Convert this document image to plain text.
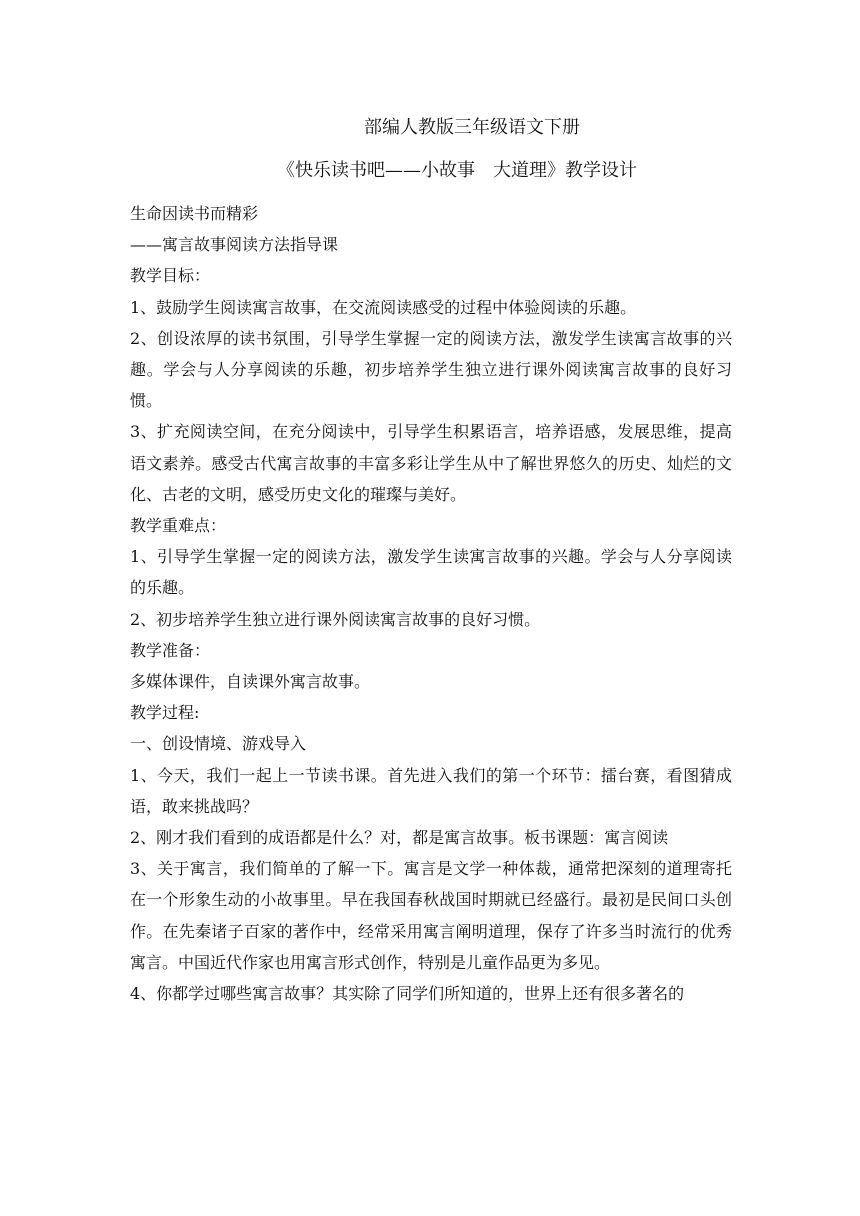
部编人教版三年级语文下册
《快乐读书吧——小故事　大道理》教学设计

生命因读书而精彩

——寓言故事阅读方法指导课

教学目标：

1、鼓励学生阅读寓言故事，在交流阅读感受的过程中体验阅读的乐趣。

2、创设浓厚的读书氛围，引导学生掌握一定的阅读方法，激发学生读寓言故事的兴趣。学会与人分享阅读的乐趣，初步培养学生独立进行课外阅读寓言故事的良好习惯。

3、扩充阅读空间，在充分阅读中，引导学生积累语言，培养语感，发展思维，提高语文素养。感受古代寓言故事的丰富多彩让学生从中了解世界悠久的历史、灿烂的文化、古老的文明，感受历史文化的璀璨与美好。

教学重难点：

1、引导学生掌握一定的阅读方法，激发学生读寓言故事的兴趣。学会与人分享阅读的乐趣。

2、初步培养学生独立进行课外阅读寓言故事的良好习惯。

教学准备：

多媒体课件，自读课外寓言故事。

教学过程:

一、创设情境、游戏导入

1、今天，我们一起上一节读书课。首先进入我们的第一个环节：擂台赛，看图猜成语，敢来挑战吗？

2、刚才我们看到的成语都是什么？对，都是寓言故事。板书课题：寓言阅读

3、关于寓言，我们简单的了解一下。寓言是文学一种体裁，通常把深刻的道理寄托在一个形象生动的小故事里。早在我国春秋战国时期就已经盛行。最初是民间口头创作。在先秦诸子百家的著作中，经常采用寓言阐明道理，保存了许多当时流行的优秀寓言。中国近代作家也用寓言形式创作，特别是儿童作品更为多见。

4、你都学过哪些寓言故事？其实除了同学们所知道的，世界上还有很多著名的
